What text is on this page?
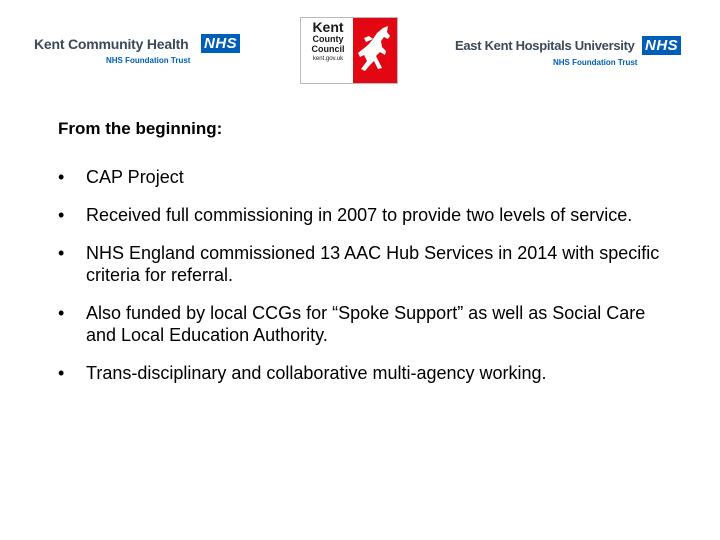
Kent Community Health NHS
NHS Foundation Trust
Kent
County
Council
kent.gov.uk
East Kent Hospitals University NHS
NHS Foundation Trust
From the beginning:
• CAP Project
• Received full commissioning in 2007 to provide two levels of service.
• NHS England commissioned 13 AAC Hub Services in 2014 with specific criteria for referral.
• Also funded by local CCGs for “Spoke Support” as well as Social Care and Local Education Authority.
• Trans-disciplinary and collaborative multi-agency working.
